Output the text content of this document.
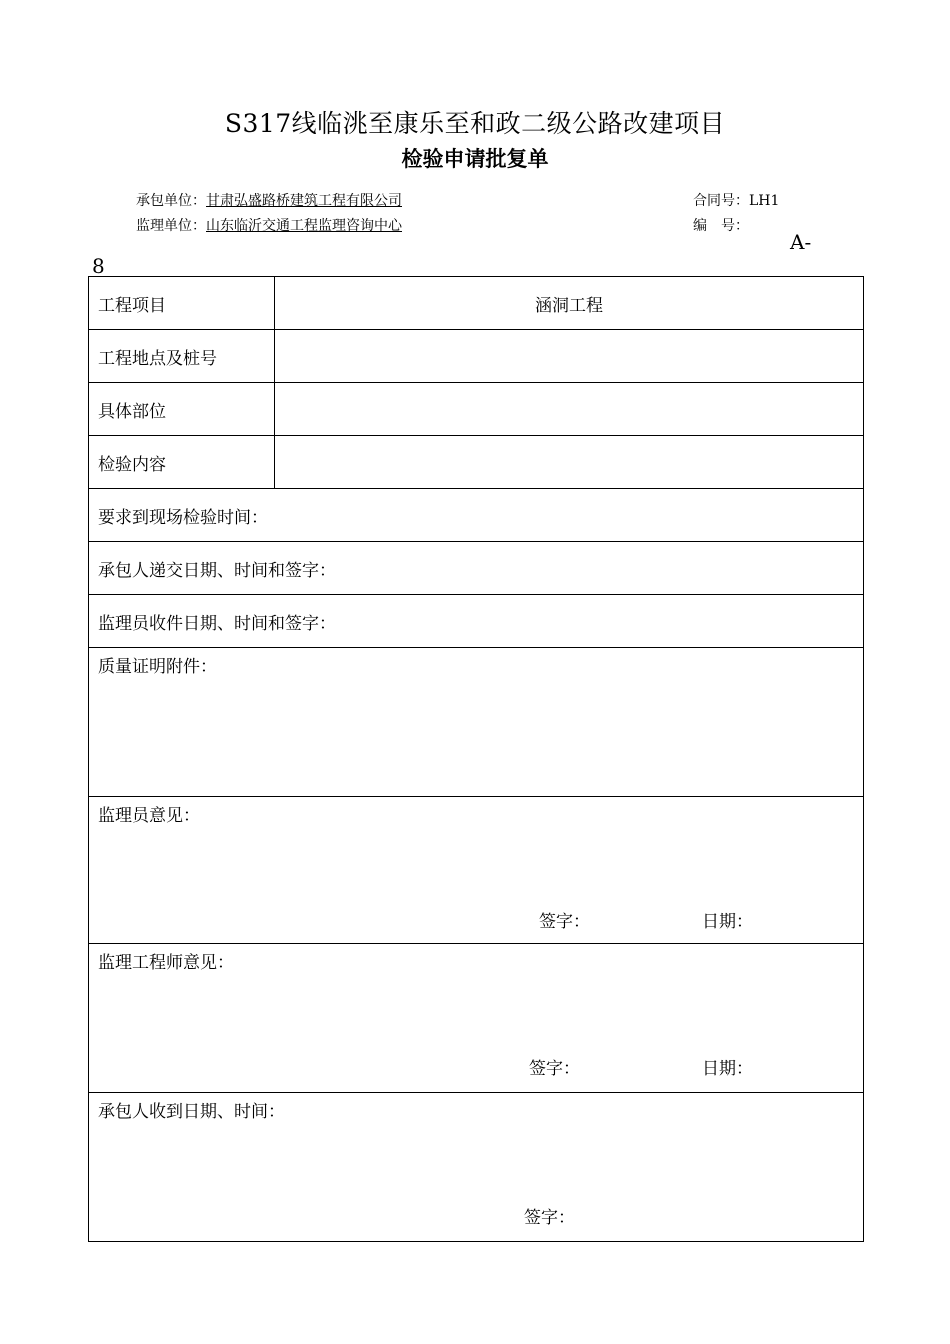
S317线临洮至康乐至和政二级公路改建项目
检验申请批复单
承包单位：甘肃弘盛路桥建筑工程有限公司	合同号：LH1
监理单位：山东临沂交通工程监理咨询中心	编　号：
A-
8
工程项目	涵洞工程
工程地点及桩号	
具体部位	
检验内容	
要求到现场检验时间：	
承包人递交日期、时间和签字：	
监理员收件日期、时间和签字：	
质量证明附件：	
监理员意见：
签字： 日期：	

监理工程师意见：
签字： 日期：	

承包人收到日期、时间：
签字：	
